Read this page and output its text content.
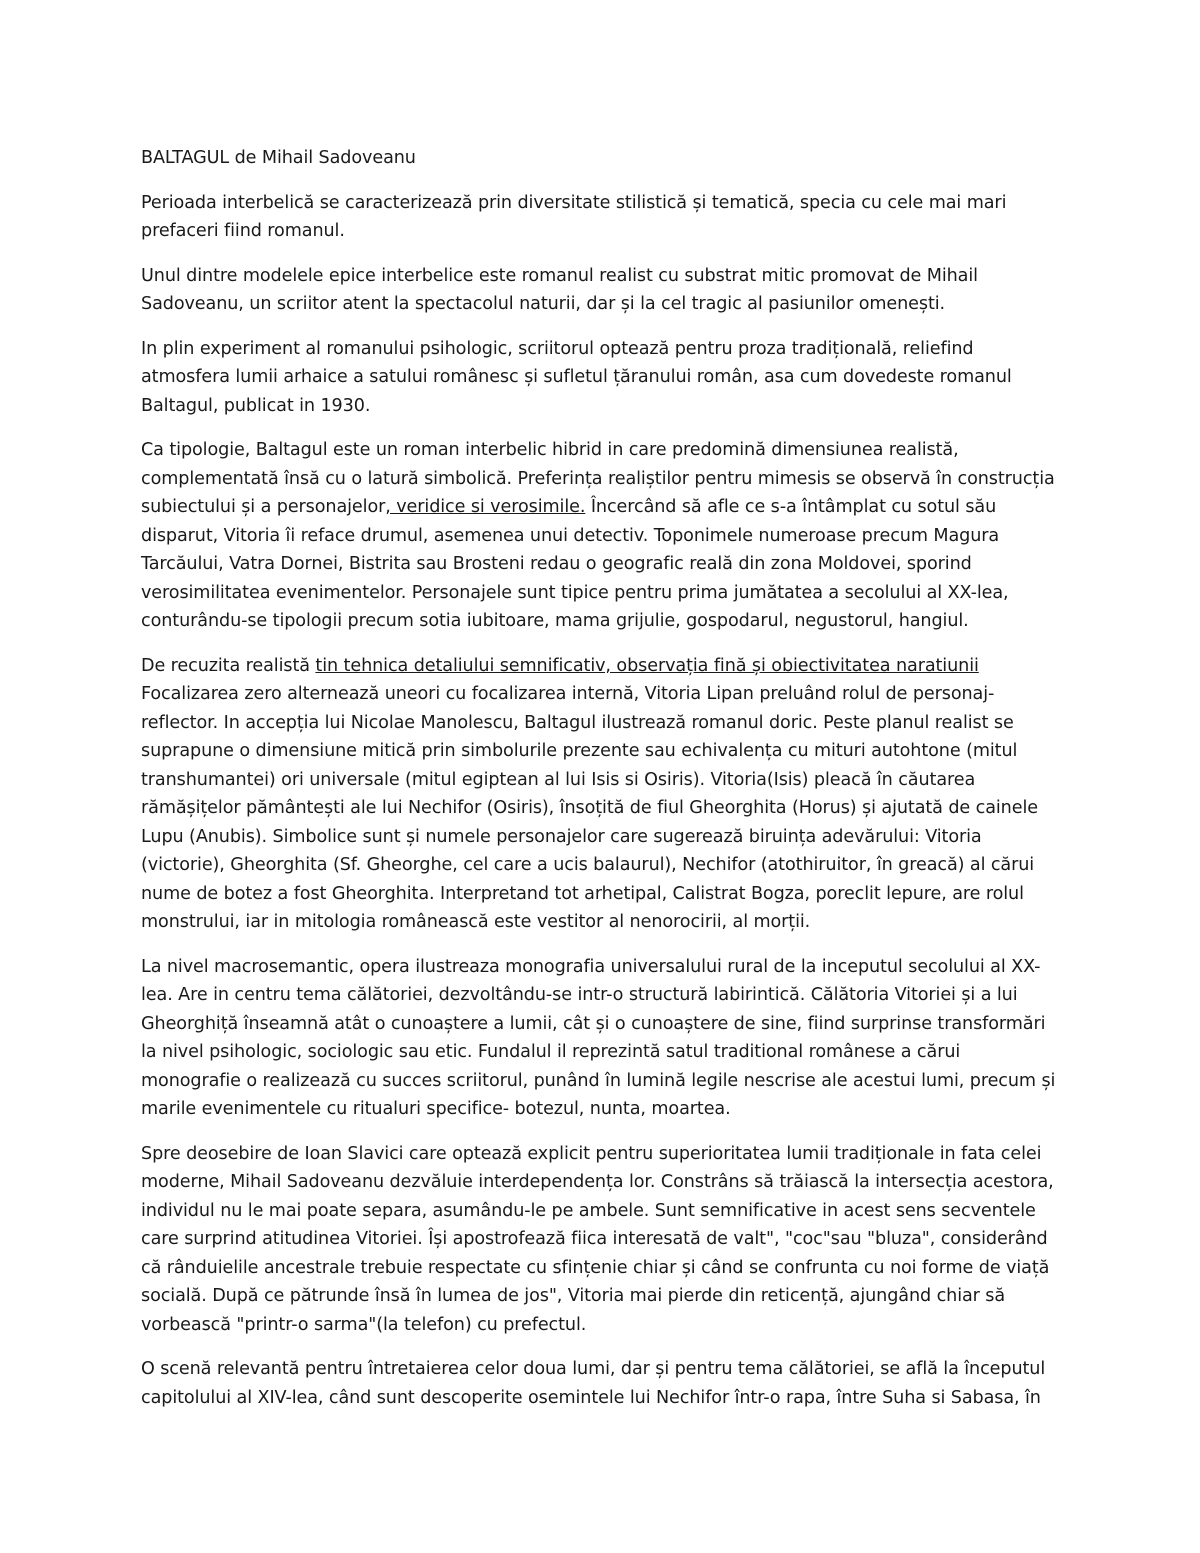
BALTAGUL de Mihail Sadoveanu

Perioada interbelică se caracterizează prin diversitate stilistică și tematică, specia cu cele mai mari prefaceri fiind romanul.

Unul dintre modelele epice interbelice este romanul realist cu substrat mitic promovat de Mihail Sadoveanu, un scriitor atent la spectacolul naturii, dar și la cel tragic al pasiunilor omenești.

In plin experiment al romanului psihologic, scriitorul optează pentru proza tradițională, reliefind atmosfera lumii arhaice a satului românesc și sufletul țăranului român, asa cum dovedeste romanul Baltagul, publicat in 1930.

Ca tipologie, Baltagul este un roman interbelic hibrid in care predomină dimensiunea realistă, complementată însă cu o latură simbolică. Preferința realiștilor pentru mimesis se observă în construcția subiectului și a personajelor, veridice si verosimile. Încercând să afle ce s-a întâmplat cu sotul său disparut, Vitoria îi reface drumul, asemenea unui detectiv. Toponimele numeroase precum Magura Tarcăului, Vatra Dornei, Bistrita sau Brosteni redau o geografic reală din zona Moldovei, sporind verosimilitatea evenimentelor. Personajele sunt tipice pentru prima jumătatea a secolului al XX-lea, conturându-se tipologii precum sotia iubitoare, mama grijulie, gospodarul, negustorul, hangiul.

De recuzita realistă tin tehnica detaliului semnificativ, observația fină și obiectivitatea naratiunii Focalizarea zero alternează uneori cu focalizarea internă, Vitoria Lipan preluând rolul de personaj-reflector. In accepția lui Nicolae Manolescu, Baltagul ilustrează romanul doric. Peste planul realist se suprapune o dimensiune mitică prin simbolurile prezente sau echivalența cu mituri autohtone (mitul transhumantei) ori universale (mitul egiptean al lui Isis si Osiris). Vitoria(Isis) pleacă în căutarea rămășițelor pământești ale lui Nechifor (Osiris), însoțită de fiul Gheorghita (Horus) și ajutată de cainele Lupu (Anubis). Simbolice sunt și numele personajelor care sugerează biruința adevărului: Vitoria (victorie), Gheorghita (Sf. Gheorghe, cel care a ucis balaurul), Nechifor (atothiruitor, în greacă) al cărui nume de botez a fost Gheorghita. Interpretand tot arhetipal, Calistrat Bogza, poreclit lepure, are rolul monstrului, iar in mitologia românească este vestitor al nenorocirii, al morții.

La nivel macrosemantic, opera ilustreaza monografia universalului rural de la inceputul secolului al XX-lea. Are in centru tema călătoriei, dezvoltându-se intr-o structură labirintică. Călătoria Vitoriei și a lui Gheorghiță înseamnă atât o cunoaștere a lumii, cât și o cunoaștere de sine, fiind surprinse transformări la nivel psihologic, sociologic sau etic. Fundalul il reprezintă satul traditional românese a cărui monografie o realizează cu succes scriitorul, punând în lumină legile nescrise ale acestui lumi, precum și marile evenimentele cu ritualuri specifice- botezul, nunta, moartea.

Spre deosebire de Ioan Slavici care optează explicit pentru superioritatea lumii tradiționale in fata celei moderne, Mihail Sadoveanu dezvăluie interdependența lor. Constrâns să trăiască la intersecția acestora, individul nu le mai poate separa, asumându-le pe ambele. Sunt semnificative in acest sens secventele care surprind atitudinea Vitoriei. Își apostrofează fiica interesată de valt", "coc"sau "bluza", considerând că rânduielile ancestrale trebuie respectate cu sfințenie chiar și când se confrunta cu noi forme de viață socială. După ce pătrunde însă în lumea de jos", Vitoria mai pierde din reticență, ajungând chiar să vorbească "printr-o sarma"(la telefon) cu prefectul.

O scenă relevantă pentru întretaierea celor doua lumi, dar și pentru tema călătoriei, se află la începutul capitolului al XIV-lea, când sunt descoperite osemintele lui Nechifor într-o rapa, între Suha si Sabasa, în
